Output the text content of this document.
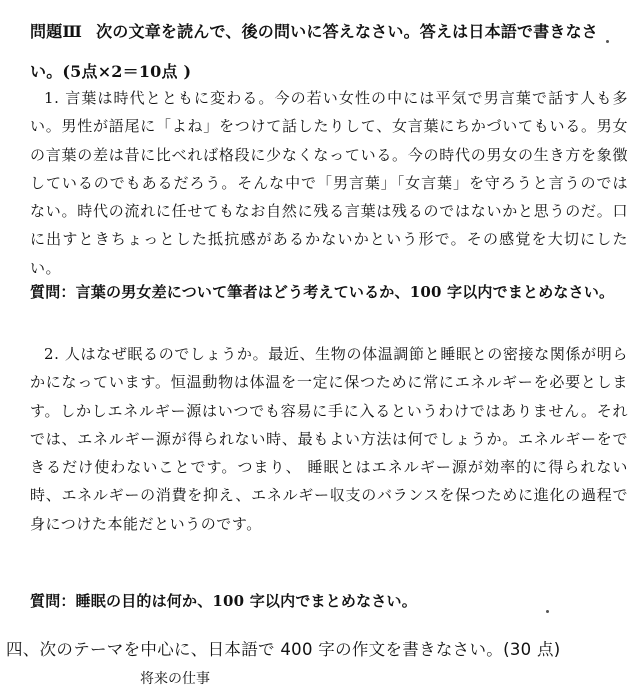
問題Ⅲ 次の文章を読んで、後の問いに答えなさい。答えは日本語で書きなさい。(5点×2＝10点 )
1. 言葉は時代とともに変わる。今の若い女性の中には平気で男言葉で話す人も多い。男性が語尾に「よね」をつけて話したりして、女言葉にちかづいてもいる。男女の言葉の差は昔に比べれば格段に少なくなっている。今の時代の男女の生き方を象徴しているのでもあるだろう。そんな中で「男言葉」「女言葉」を守ろうと言うのではない。時代の流れに任せてもなお自然に残る言葉は残るのではないかと思うのだ。口に出すときちょっとした抵抗感があるかないかという形で。その感覚を大切にしたい。
質問：言葉の男女差について筆者はどう考えているか、100 字以内でまとめなさい。
2. 人はなぜ眠るのでしょうか。最近、生物の体温調節と睡眠との密接な関係が明らかになっています。恒温動物は体温を一定に保つために常にエネルギーを必要とします。しかしエネルギー源はいつでも容易に手に入るというわけではありません。それでは、エネルギー源が得られない時、最もよい方法は何でしょうか。エネルギーをできるだけ使わないことです。つまり、 睡眠とはエネルギー源が効率的に得られない時、エネルギーの消費を抑え、エネルギー収支のバランスを保つために進化の過程で身につけた本能だというのです。
質問：睡眠の目的は何か、100 字以内でまとめなさい。
四、次のテーマを中心に、日本語で 400 字の作文を書きなさい。(30 点)
将来の仕事
